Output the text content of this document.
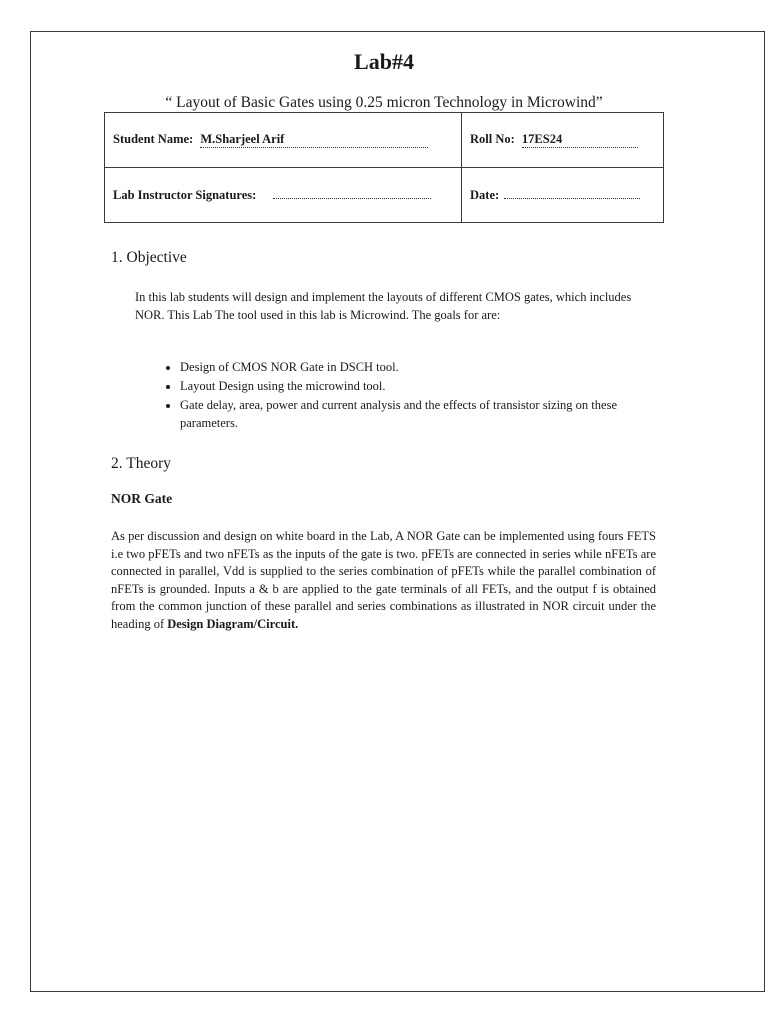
Lab#4

“ Layout of Basic Gates using 0.25 micron Technology in Microwind”

Student Name: M.Sharjeel Arif	Roll No: 17ES24
Lab Instructor Signatures:	Date:
1. Objective

In this lab students will design and implement the layouts of different CMOS gates, which includes NOR. This Lab The tool used in this lab is Microwind. The goals for are:

• Design of CMOS NOR Gate in DSCH tool.
• Layout Design using the microwind tool.
• Gate delay, area, power and current analysis and the effects of transistor sizing on these parameters.
2. Theory
NOR Gate

As per discussion and design on white board in the Lab, A NOR Gate can be implemented using fours FETS i.e two pFETs and two nFETs as the inputs of the gate is two. pFETs are connected in series while nFETs are connected in parallel, Vdd is supplied to the series combination of pFETs while the parallel combination of nFETs is grounded. Inputs a & b are applied to the gate terminals of all FETs, and the output f is obtained from the common junction of these parallel and series combinations as illustrated in NOR circuit under the heading of Design Diagram/Circuit.
